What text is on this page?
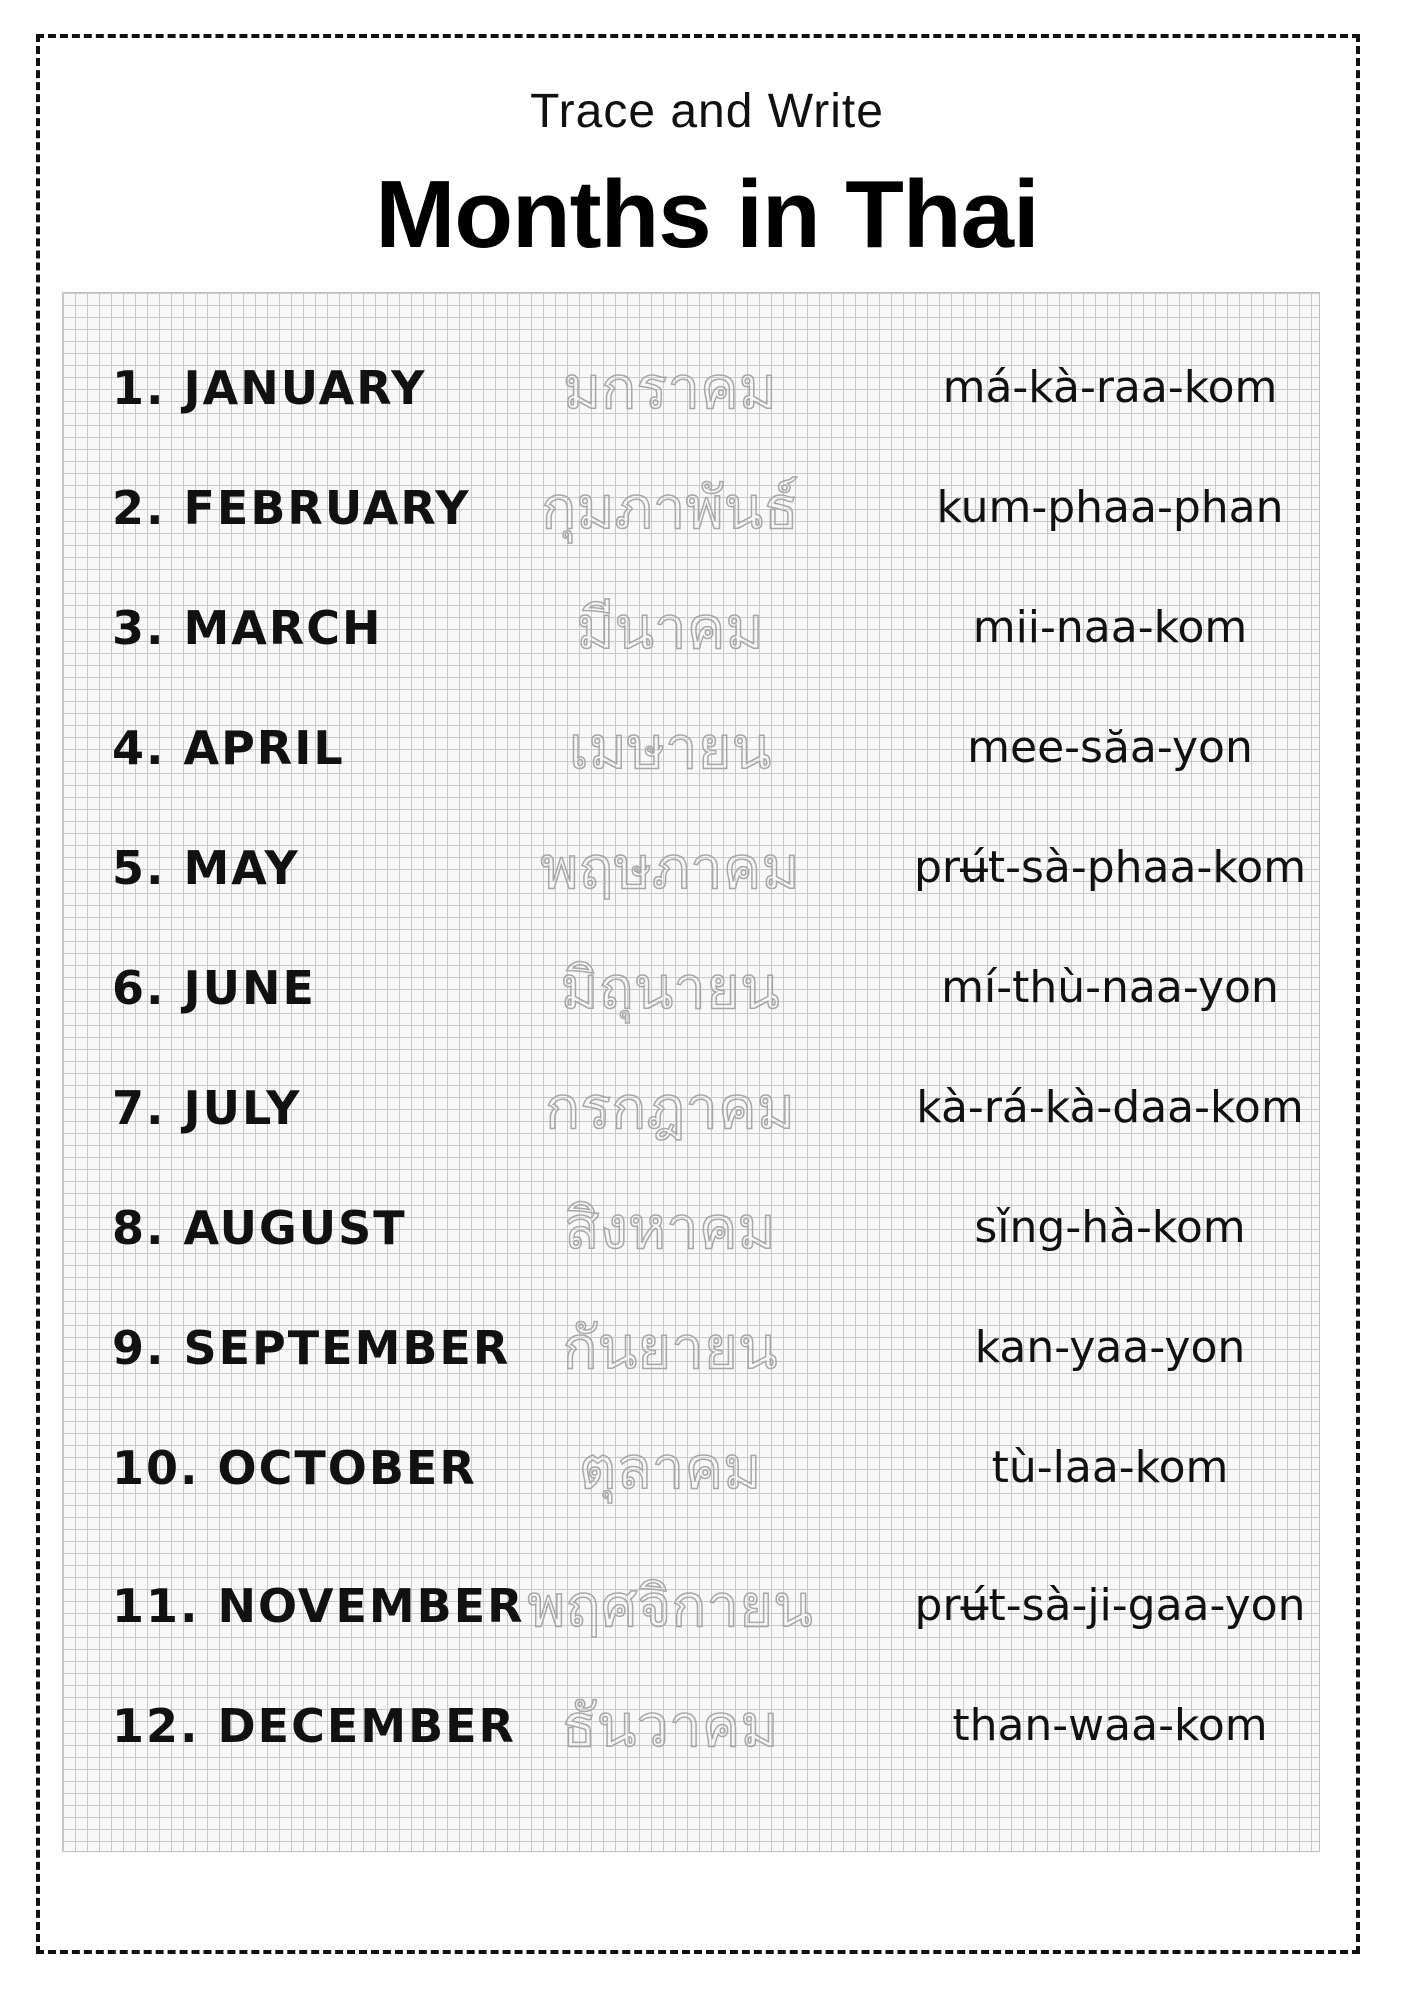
Trace and Write
Months in Thai
1. JANUARY	มกราคม	má-kà-raa-kom
2. FEBRUARY	กุมภาพันธ์	kum-phaa-phan
3. MARCH	มีนาคม	mii-naa-kom
4. APRIL	เมษายน	mee-săa-yon
5. MAY	พฤษภาคม	prʉ́t-sà-phaa-kom
6. JUNE	มิถุนายน	mí-thù-naa-yon
7. JULY	กรกฎาคม	kà-rá-kà-daa-kom
8. AUGUST	สิงหาคม	sǐng-hà-kom
9. SEPTEMBER กันยายน	kan-yaa-yon
10. OCTOBER	ตุลาคม	tù-laa-kom
11. NOVEMBER พฤศจิกายน	prʉ́t-sà-ji-gaa-yon
12. DECEMBER ธันวาคม	than-waa-kom
